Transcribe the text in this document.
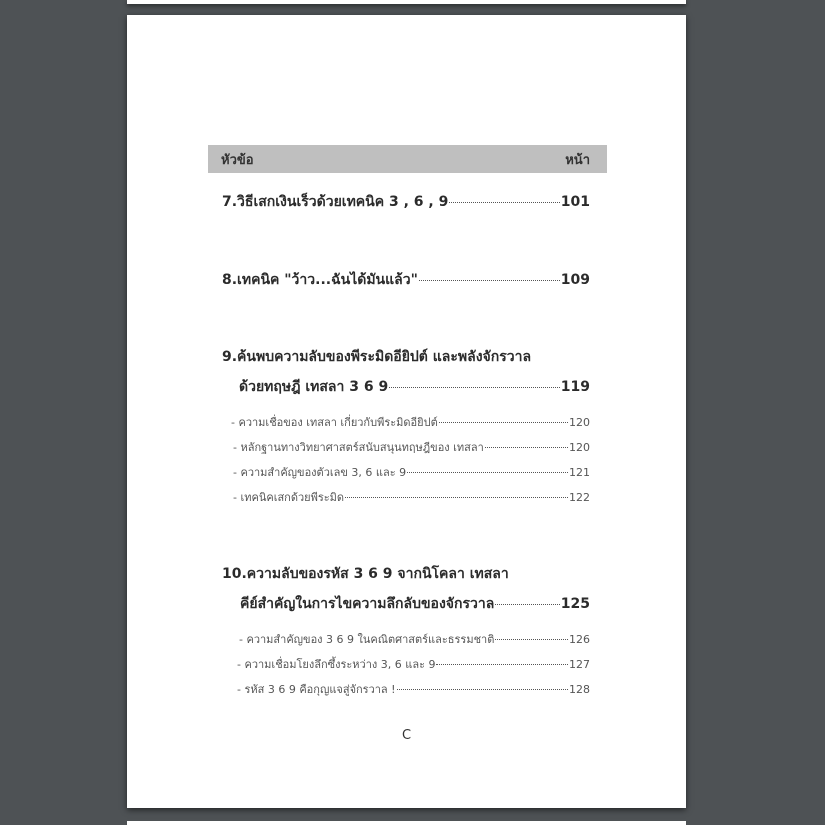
หัวข้อ	หน้า
7.วิธีเสกเงินเร็วด้วยเทคนิค 3 , 6 , 9	101
8.เทคนิค "ว้าว...ฉันได้มันแล้ว"	109
9.ค้นพบความลับของพีระมิดอียิปต์ และพลังจักรวาล
ด้วยทฤษฎี เทสลา 3 6 9	119
- ความเชื่อของ เทสลา เกี่ยวกับพีระมิดอียิปต์	120
- หลักฐานทางวิทยาศาสตร์สนับสนุนทฤษฎีของ เทสลา	120
- ความสำคัญของตัวเลข 3, 6 และ 9	121
- เทคนิคเสกด้วยพีระมิด	122
10.ความลับของรหัส 3 6 9 จากนิโคลา เทสลา
คีย์สำคัญในการไขความลึกลับของจักรวาล	125
- ความสำคัญของ 3 6 9 ในคณิตศาสตร์และธรรมชาติ	126
- ความเชื่อมโยงลึกซึ้งระหว่าง 3, 6 และ 9	127
- รหัส 3 6 9 คือกุญแจสู่จักรวาล !	128
C
